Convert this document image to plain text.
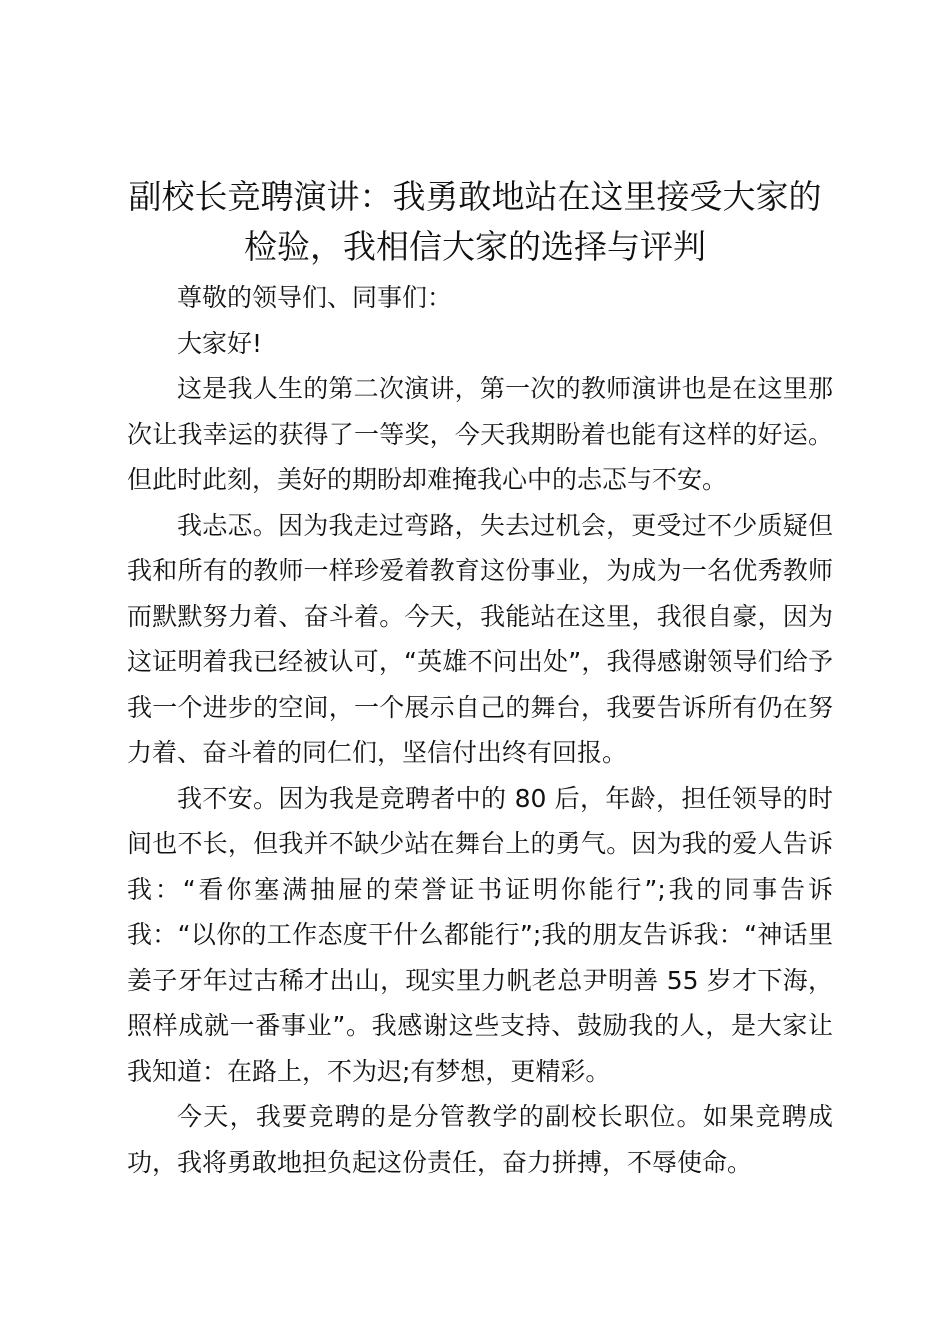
副校长竞聘演讲：我勇敢地站在这里接受大家的检验，我相信大家的选择与评判

尊敬的领导们、同事们：

大家好!

这是我人生的第二次演讲，第一次的教师演讲也是在这里那次让我幸运的获得了一等奖，今天我期盼着也能有这样的好运。但此时此刻，美好的期盼却难掩我心中的忐忑与不安。

我忐忑。因为我走过弯路，失去过机会，更受过不少质疑但我和所有的教师一样珍爱着教育这份事业，为成为一名优秀教师而默默努力着、奋斗着。今天，我能站在这里，我很自豪，因为这证明着我已经被认可，“英雄不问出处”，我得感谢领导们给予我一个进步的空间，一个展示自己的舞台，我要告诉所有仍在努力着、奋斗着的同仁们，坚信付出终有回报。

我不安。因为我是竞聘者中的 80 后，年龄，担任领导的时间也不长，但我并不缺少站在舞台上的勇气。因为我的爱人告诉我：“看你塞满抽屉的荣誉证书证明你能行”;我的同事告诉我：“以你的工作态度干什么都能行”;我的朋友告诉我：“神话里姜子牙年过古稀才出山，现实里力帆老总尹明善 55 岁才下海，照样成就一番事业”。我感谢这些支持、鼓励我的人，是大家让我知道：在路上，不为迟;有梦想，更精彩。

今天，我要竞聘的是分管教学的副校长职位。如果竞聘成功，我将勇敢地担负起这份责任，奋力拼搏，不辱使命。
